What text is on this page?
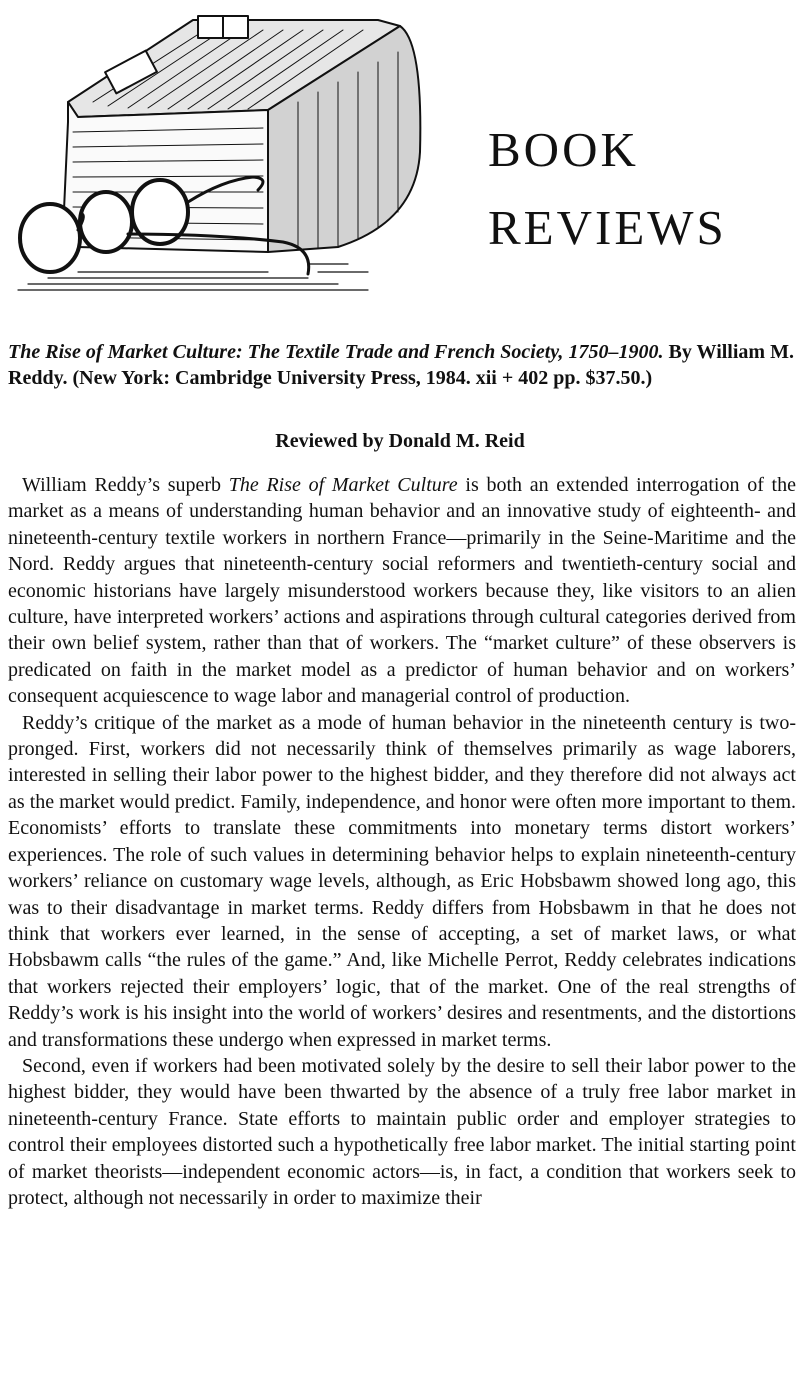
BOOK
REVIEWS
The Rise of Market Culture: The Textile Trade and French Society, 1750–1900. By William M. Reddy. (New York: Cambridge University Press, 1984. xii + 402 pp. $37.50.)
Reviewed by Donald M. Reid

William Reddy’s superb The Rise of Market Culture is both an extended interrogation of the market as a means of understanding human behavior and an innovative study of eighteenth- and nineteenth-century textile workers in northern France—primarily in the Seine-Maritime and the Nord. Reddy argues that nineteenth-century social reformers and twentieth-century social and economic historians have largely misunderstood workers because they, like visitors to an alien culture, have interpreted workers’ actions and aspirations through cultural categories derived from their own belief system, rather than that of workers. The “market culture” of these observers is predicated on faith in the market model as a predictor of human behavior and on workers’ consequent acquiescence to wage labor and managerial control of production.

Reddy’s critique of the market as a mode of human behavior in the nineteenth century is two-pronged. First, workers did not necessarily think of themselves primarily as wage laborers, interested in selling their labor power to the highest bidder, and they therefore did not always act as the market would predict. Family, independence, and honor were often more important to them. Economists’ efforts to translate these commitments into monetary terms distort workers’ experiences. The role of such values in determining behavior helps to explain nineteenth-century workers’ reliance on customary wage levels, although, as Eric Hobsbawm showed long ago, this was to their disadvantage in market terms. Reddy differs from Hobsbawm in that he does not think that workers ever learned, in the sense of accepting, a set of market laws, or what Hobsbawm calls “the rules of the game.” And, like Michelle Perrot, Reddy celebrates indications that workers rejected their employers’ logic, that of the market. One of the real strengths of Reddy’s work is his insight into the world of workers’ desires and resentments, and the distortions and transformations these undergo when expressed in market terms.

Second, even if workers had been motivated solely by the desire to sell their labor power to the highest bidder, they would have been thwarted by the absence of a truly free labor market in nineteenth-century France. State efforts to maintain public order and employer strategies to control their employees distorted such a hypothetically free labor market. The initial starting point of market theorists—independent economic actors—is, in fact, a condition that workers seek to protect, although not necessarily in order to maximize their
